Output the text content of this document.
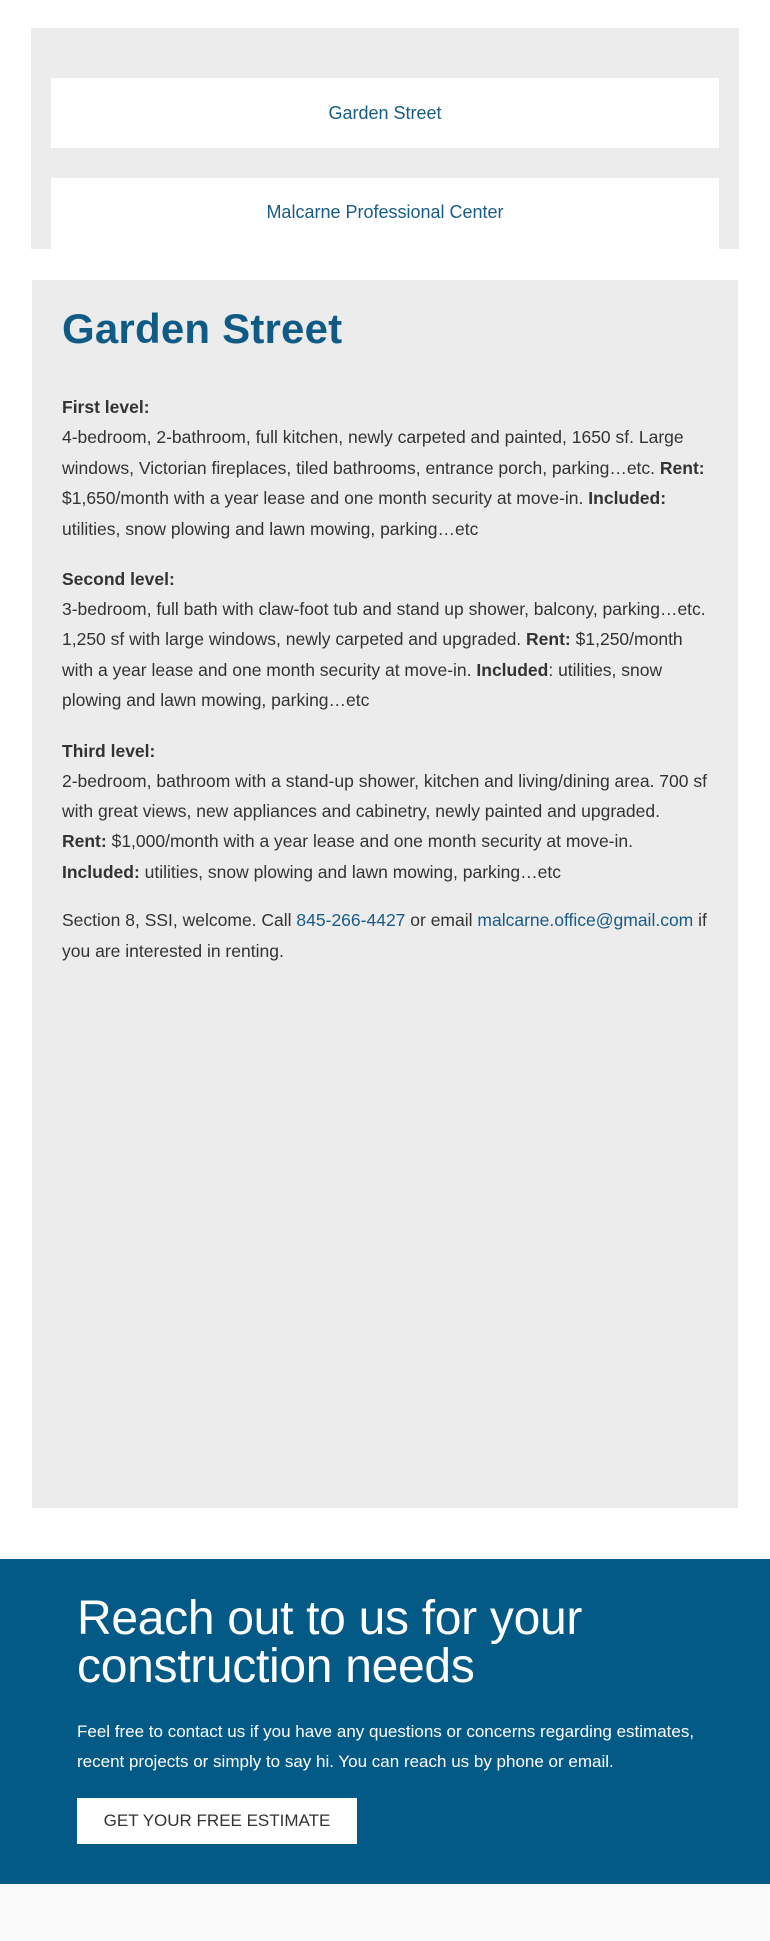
Garden Street
Malcarne Professional Center
Garden Street
First level:
4-bedroom, 2-bathroom, full kitchen, newly carpeted and painted, 1650 sf. Large windows, Victorian fireplaces, tiled bathrooms, entrance porch, parking…etc. Rent: $1,650/month with a year lease and one month security at move-in. Included: utilities, snow plowing and lawn mowing, parking…etc
Second level:
3-bedroom, full bath with claw-foot tub and stand up shower, balcony, parking…etc. 1,250 sf with large windows, newly carpeted and upgraded. Rent: $1,250/month with a year lease and one month security at move-in. Included: utilities, snow plowing and lawn mowing, parking…etc
Third level:
2-bedroom, bathroom with a stand-up shower, kitchen and living/dining area. 700 sf with great views, new appliances and cabinetry, newly painted and upgraded. Rent: $1,000/month with a year lease and one month security at move-in. Included: utilities, snow plowing and lawn mowing, parking…etc

Section 8, SSI, welcome. Call 845-266-4427 or email malcarne.office@gmail.com if you are interested in renting.

Reach out to us for your construction needs

Feel free to contact us if you have any questions or concerns regarding estimates, recent projects or simply to say hi. You can reach us by phone or email.

GET YOUR FREE ESTIMATE
